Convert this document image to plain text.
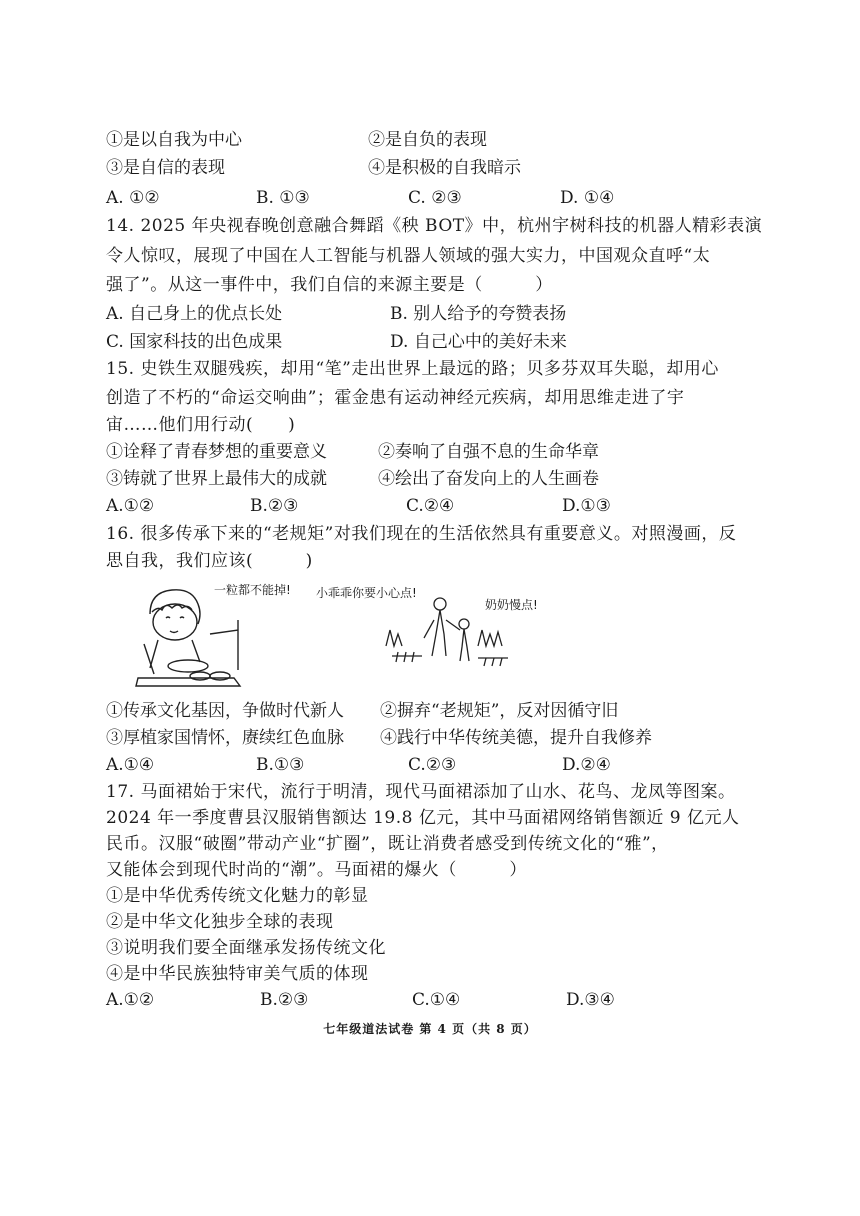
①是以自我为中心	②是自负的表现
③是自信的表现	④是积极的自我暗示
A. ①②	B. ①③	C. ②③	D. ①④
14. 2025 年央视春晚创意融合舞蹈《秧 BOT》中，杭州宇树科技的机器人精彩表演
令人惊叹，展现了中国在人工智能与机器人领域的强大实力，中国观众直呼“太
强了”。从这一事件中，我们自信的来源主要是（　　　）
A. 自己身上的优点长处	B. 别人给予的夸赞表扬
C. 国家科技的出色成果	D. 自己心中的美好未来
15. 史铁生双腿残疾，却用“笔”走出世界上最远的路；贝多芬双耳失聪，却用心
创造了不朽的“命运交响曲”；霍金患有运动神经元疾病，却用思维走进了宇
宙……他们用行动(　　)
①诠释了青春梦想的重要意义	②奏响了自强不息的生命华章
③铸就了世界上最伟大的成就	④绘出了奋发向上的人生画卷
A.①②	B.②③	C.②④	D.①③
16. 很多传承下来的“老规矩”对我们现在的生活依然具有重要意义。对照漫画，反
思自我，我们应该(　　　)
一粒都不能掉! 小乖乖你要小心点!
奶奶慢点!
①传承文化基因，争做时代新人 ②摒弃“老规矩”，反对因循守旧
③厚植家国情怀，赓续红色血脉 ④践行中华传统美德，提升自我修养
A.①④	B.①③	C.②③	D.②④
17. 马面裙始于宋代，流行于明清，现代马面裙添加了山水、花鸟、龙凤等图案。
2024 年一季度曹县汉服销售额达 19.8 亿元，其中马面裙网络销售额近 9 亿元人
民币。汉服“破圈”带动产业“扩圈”，既让消费者感受到传统文化的“雅”，
又能体会到现代时尚的“潮”。马面裙的爆火（　　　）
①是中华优秀传统文化魅力的彰显
②是中华文化独步全球的表现
③说明我们要全面继承发扬传统文化
④是中华民族独特审美气质的体现
A.①②	B.②③	C.①④	D.③④
七年级道法试卷 第 4 页（共 8 页）
